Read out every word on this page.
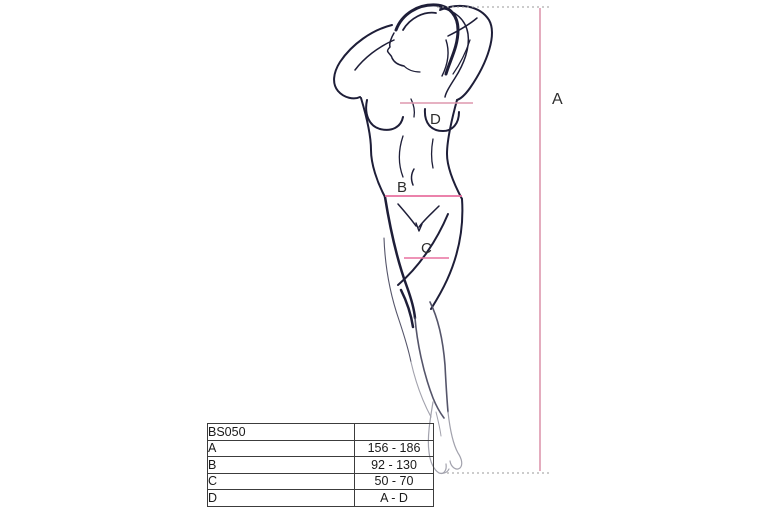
A
D
B
C
BS050	
A	156 - 186
B	92 - 130
C	50 - 70
D	A - D
